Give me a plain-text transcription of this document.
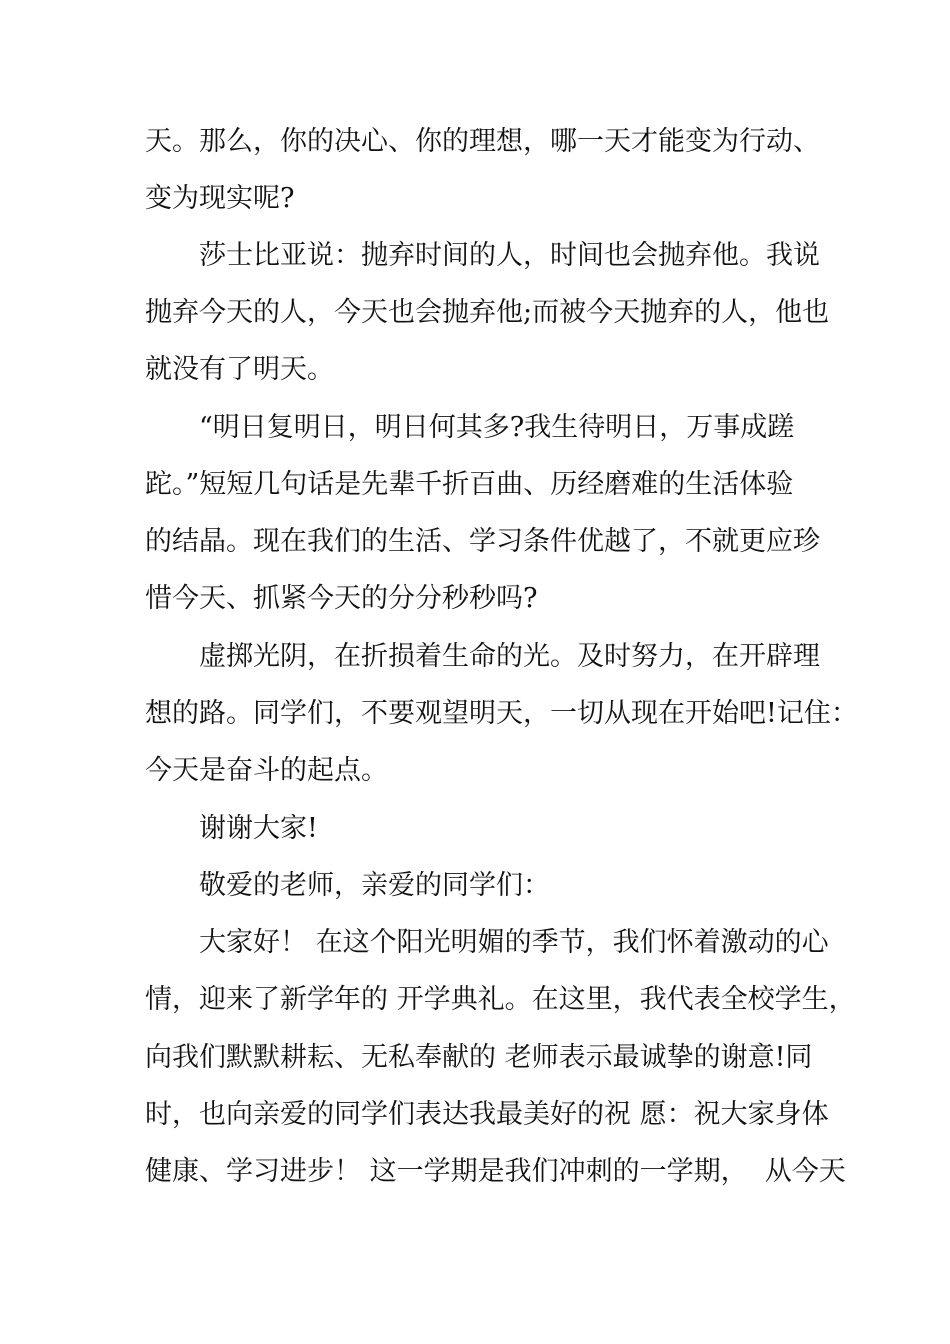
天。那么，你的决心、你的理想，哪一天才能变为行动、
变为现实呢?
莎士比亚说：抛弃时间的人，时间也会抛弃他。我说
抛弃今天的人，今天也会抛弃他;而被今天抛弃的人，他也
就没有了明天。
“明日复明日，明日何其多?我生待明日，万事成蹉
跎。”短短几句话是先辈千折百曲、历经磨难的生活体验
的结晶。现在我们的生活、学习条件优越了，不就更应珍
惜今天、抓紧今天的分分秒秒吗?
虚掷光阴，在折损着生命的光。及时努力，在开辟理
想的路。同学们，不要观望明天，一切从现在开始吧!记住：
今天是奋斗的起点。
谢谢大家!
敬爱的老师，亲爱的同学们：
大家好！ 在这个阳光明媚的季节，我们怀着激动的心
情，迎来了新学年的 开学典礼。在这里，我代表全校学生，
向我们默默耕耘、无私奉献的 老师表示最诚挚的谢意!同
时，也向亲爱的同学们表达我最美好的祝 愿：祝大家身体
健康、学习进步！ 这一学期是我们冲刺的一学期，  从今天
